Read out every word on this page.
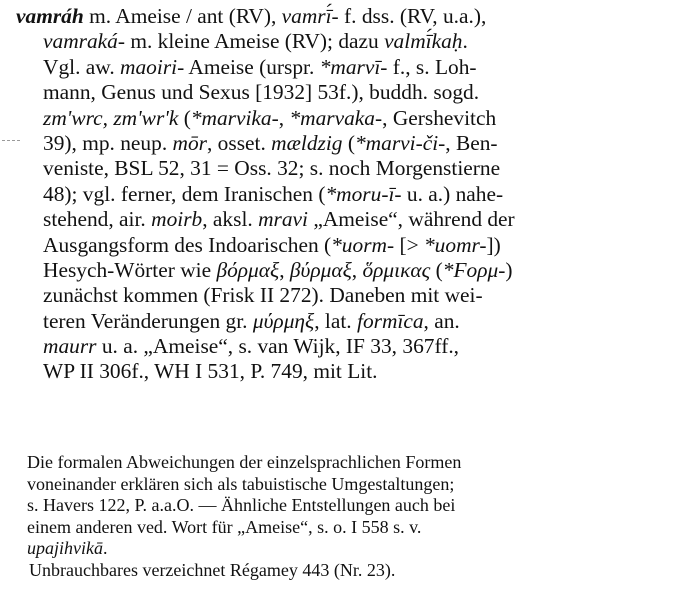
vamráh m. Ameise / ant (RV), vamrī́- f. dss. (RV, u.a.),
vamraká- m. kleine Ameise (RV); dazu valmī́kaḥ.
Vgl. aw. maoiri- Ameise (urspr. *marvī- f., s. Loh-
mann, Genus und Sexus [1932] 53f.), buddh. sogd.
zm'wrc, zm'wr'k (*marvika-, *marvaka-, Gershevitch
39), mp. neup. mōr, osset. mældzig (*marvi-či-, Ben-
veniste, BSL 52, 31 = Oss. 32; s. noch Morgenstierne
48); vgl. ferner, dem Iranischen (*moru-ī- u. a.) nahe-
stehend, air. moirb, aksl. mravi „Ameise“, während der
Ausgangsform des Indoarischen (*uorm- [> *uomr-])
Hesych-Wörter wie βόρμαξ, βύρμαξ, ὅρμικας (*Ϝορμ-)
zunächst kommen (Frisk II 272). Daneben mit wei-
teren Veränderungen gr. μύρμηξ, lat. formīca, an.
maurr u. a. „Ameise“, s. van Wijk, IF 33, 367ff.,
WP II 306f., WH I 531, P. 749, mit Lit.
Die formalen Abweichungen der einzelsprachlichen Formen
voneinander erklären sich als tabuistische Umgestaltungen;
s. Havers 122, P. a.a.O. — Ähnliche Entstellungen auch bei
einem anderen ved. Wort für „Ameise“, s. o. I 558 s. v.
upajihvikā.
Unbrauchbares verzeichnet Régamey 443 (Nr. 23).
